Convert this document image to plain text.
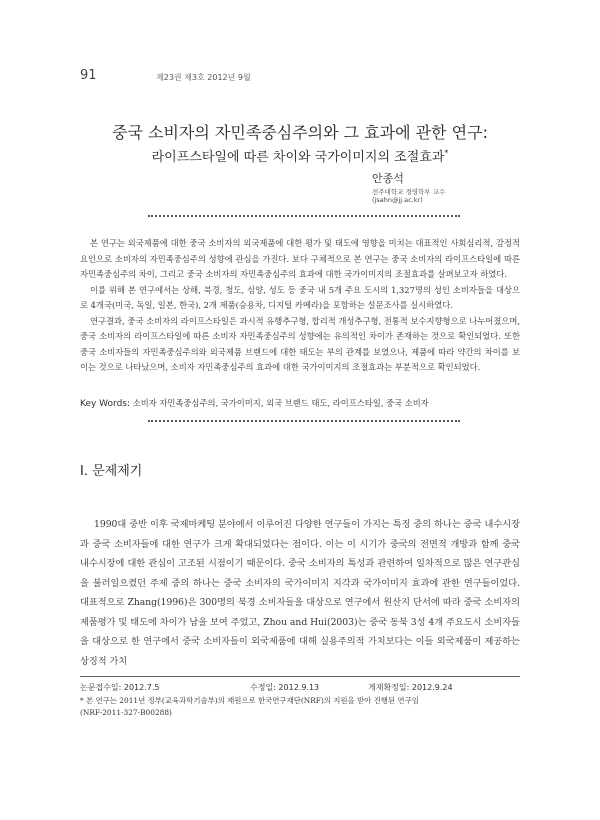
91	제23권 제3호 2012년 9월
중국 소비자의 자민족중심주의와 그 효과에 관한 연구:
라이프스타일에 따른 차이와 국가이미지의 조절효과*
안종석
전주대학교 경영학부 교수
(jsahn@jj.ac.kr)

본 연구는 외국제품에 대한 중국 소비자의 외국제품에 대한 평가 및 태도에 영향을 미치는 대표적인 사회심리적, 감정적 요인으로 소비자의 자민족중심주의 성향에 관심을 가진다. 보다 구체적으로 본 연구는 중국 소비자의 라이프스타일에 따른 자민족중심주의 차이, 그리고 중국 소비자의 자민족중심주의 효과에 대한 국가이미지의 조절효과를 살펴보고자 하였다.

이를 위해 본 연구에서는 상해, 북경, 청도, 심양, 성도 등 중국 내 5개 주요 도시의 1,327명의 성인 소비자들을 대상으로 4개국(미국, 독일, 일본, 한국), 2개 제품(승용차, 디지털 카메라)을 포함하는 설문조사를 실시하였다.

연구결과, 중국 소비자의 라이프스타일은 과시적 유행추구형, 합리적 개성추구형, 전통적 보수지향형으로 나누어졌으며, 중국 소비자의 라이프스타일에 따른 소비자 자민족중심주의 성향에는 유의적인 차이가 존재하는 것으로 확인되었다. 또한 중국 소비자들의 자민족중심주의와 외국제품 브랜드에 대한 태도는 부의 관계를 보였으나, 제품에 따라 약간의 차이를 보이는 것으로 나타났으며, 소비자 자민족중심주의 효과에 대한 국가이미지의 조절효과는 부분적으로 확인되었다.

Key Words: 소비자 자민족중심주의, 국가이미지, 외국 브랜드 태도, 라이프스타일, 중국 소비자
Ⅰ. 문제제기

1990대 중반 이후 국제마케팅 분야에서 이루어진 다양한 연구들이 가지는 특징 중의 하나는 중국 내수시장과 중국 소비자들에 대한 연구가 크게 확대되었다는 점이다. 이는 이 시기가 중국의 전면적 개방과 함께 중국 내수시장에 대한 관심이 고조된 시점이기 때문이다. 중국 소비자의 특성과 관련하여 일차적으로 많은 연구관심을 불러일으켰던 주제 중의 하나는 중국 소비자의 국가이미지 지각과 국가이미지 효과에 관한 연구들이었다. 대표적으로 Zhang(1996)은 300명의 북경 소비자들을 대상으로 연구에서 원산지 단서에 따라 중국 소비자의 제품평가 및 태도에 차이가 남을 보여 주었고, Zhou and Hui(2003)는 중국 동북 3성 4개 주요도시 소비자들을 대상으로 한 연구에서 중국 소비자들이 외국제품에 대해 실용주의적 가치보다는 이들 외국제품이 제공하는 상징적 가치

논문접수일: 2012.7.5	수정일: 2012.9.13	게재확정일: 2012.9.24
* 본 연구는 2011년 정부(교육과학기술부)의 재원으로 한국연구재단(NRF)의 지원을 받아 진행된 연구임
(NRF-2011-327-B00288)
